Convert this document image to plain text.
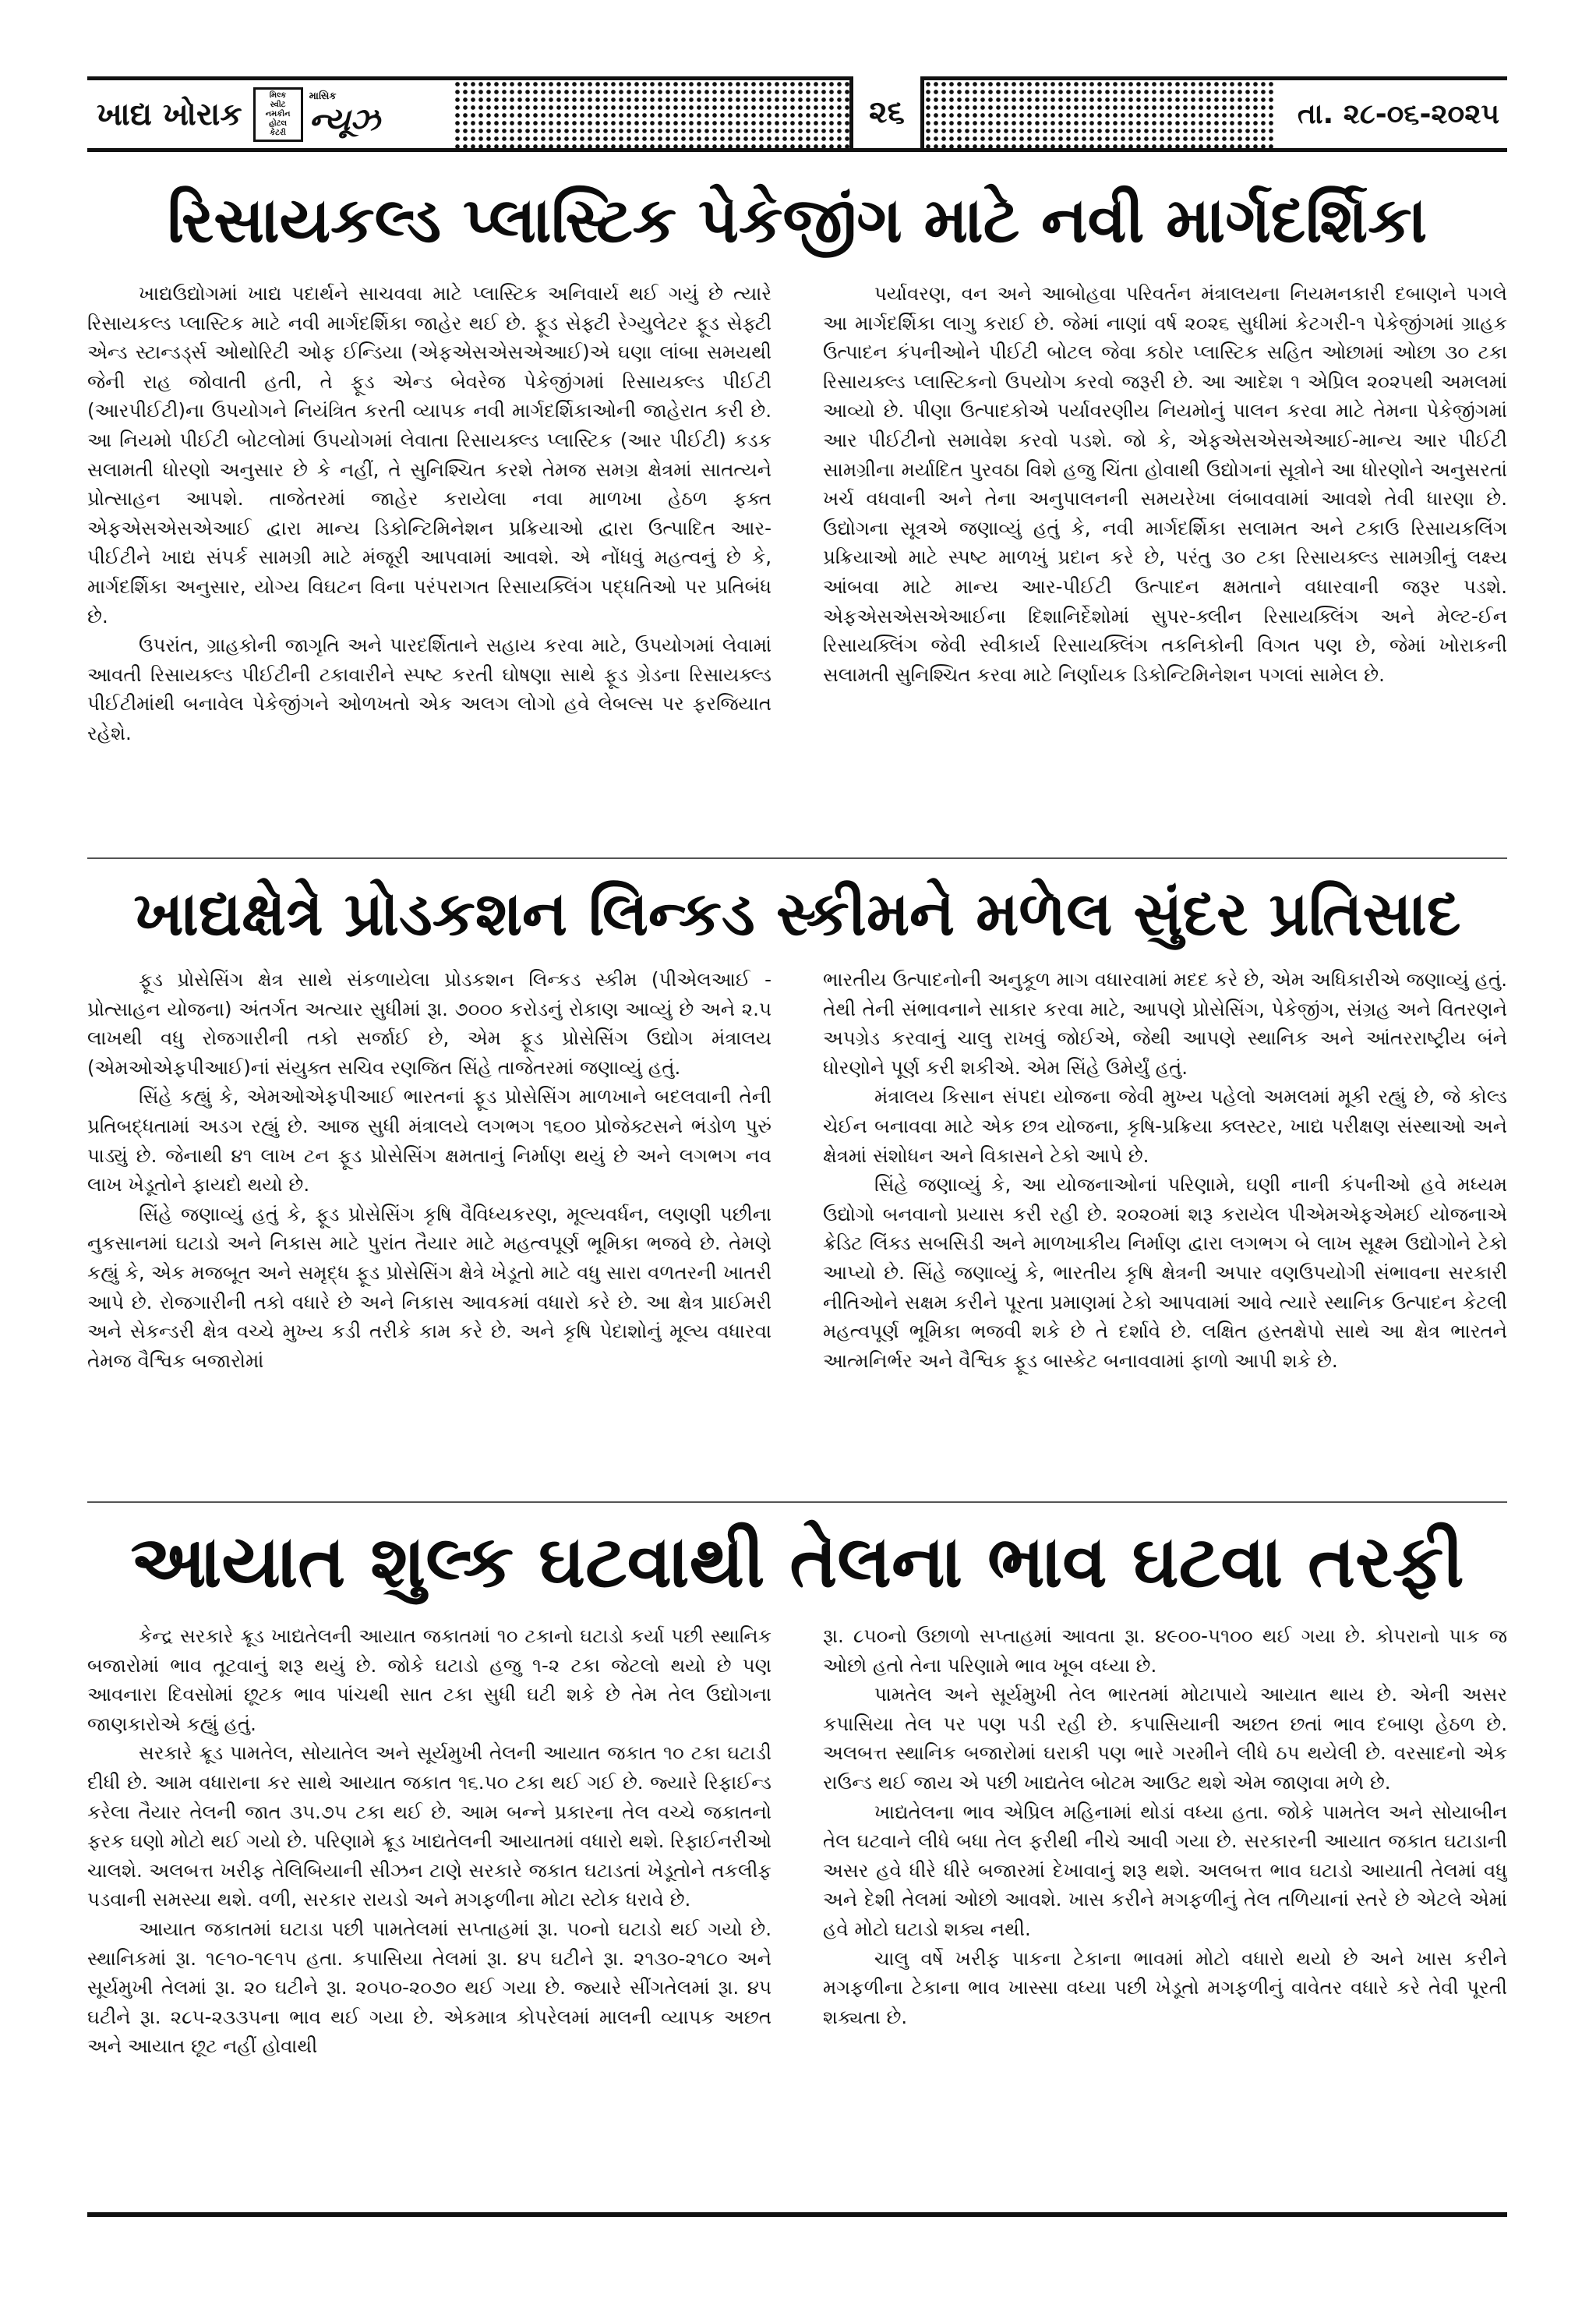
ખાદ્ય ખોરાક
મિલ્ક
સ્વીટ
નમકીન
હોટલ
કેટરી
માસિક
ન્યૂઝ	૨૬	તા. ૨૮-૦૬-૨૦૨૫
રિસાયકલ્ડ પ્લાસ્ટિક પેકેજીંગ માટે નવી માર્ગદર્શિકા

ખાદ્યઉદ્યોગમાં ખાદ્ય પદાર્થને સાચવવા માટે પ્લાસ્ટિક અનિવાર્ય થઈ ગયું છે ત્યારે રિસાયકલ્ડ પ્લાસ્ટિક માટે નવી માર્ગદર્શિકા જાહેર થઈ છે. ફૂડ સેફ્ટી રેગ્યુલેટર ફૂડ સેફ્ટી એન્ડ સ્ટાન્ડર્ડ્સ ઓથોરિટી ઓફ ઈન્ડિયા (એફએસએસએઆઈ)એ ઘણા લાંબા સમયથી જેની રાહ જોવાતી હતી, તે ફૂડ એન્ડ બેવરેજ પેકેજીંગમાં રિસાયક્લ્ડ પીઈટી (આરપીઈટી)ના ઉપયોગને નિયંત્રિત કરતી વ્યાપક નવી માર્ગદર્શિકાઓની જાહેરાત કરી છે. આ નિયમો પીઈટી બોટલોમાં ઉપયોગમાં લેવાતા રિસાયક્લ્ડ પ્લાસ્ટિક (આર પીઈટી) કડક સલામતી ધોરણો અનુસાર છે કે નહીં, તે સુનિશ્ચિત કરશે તેમજ સમગ્ર ક્ષેત્રમાં સાતત્યને પ્રોત્સાહન આપશે. તાજેતરમાં જાહેર કરાયેલા નવા માળખા હેઠળ ફક્ત એફએસએસએઆઈ દ્વારા માન્ય ડિકોન્ટિમિનેશન પ્રક્રિયાઓ દ્વારા ઉત્પાદિત આર-પીઈટીને ખાદ્ય સંપર્ક સામગ્રી માટે મંજૂરી આપવામાં આવશે. એ નોંધવું મહત્વનું છે કે, માર્ગદર્શિકા અનુસાર, યોગ્ય વિઘટન વિના પરંપરાગત રિસાયક્લિંગ પદ્ધતિઓ પર પ્રતિબંધ છે.

ઉપરાંત, ગ્રાહકોની જાગૃતિ અને પારદર્શિતાને સહાય કરવા માટે, ઉપયોગમાં લેવામાં આવતી રિસાયક્લ્ડ પીઈટીની ટકાવારીને સ્પષ્ટ કરતી ઘોષણા સાથે ફૂડ ગ્રેડના રિસાયક્લ્ડ પીઈટીમાંથી બનાવેલ પેકેજીંગને ઓળખતો એક અલગ લોગો હવે લેબલ્સ પર ફરજિયાત રહેશે.

પર્યાવરણ, વન અને આબોહવા પરિવર્તન મંત્રાલયના નિયમનકારી દબાણને પગલે આ માર્ગદર્શિકા લાગુ કરાઈ છે. જેમાં નાણાં વર્ષ ૨૦૨૬ સુધીમાં કેટગરી-૧ પેકેજીંગમાં ગ્રાહક ઉત્પાદન કંપનીઓને પીઈટી બોટલ જેવા કઠોર પ્લાસ્ટિક સહિત ઓછામાં ઓછા ૩૦ ટકા રિસાયક્લ્ડ પ્લાસ્ટિકનો ઉપયોગ કરવો જરૂરી છે. આ આદેશ ૧ એપ્રિલ ૨૦૨૫થી અમલમાં આવ્યો છે. પીણા ઉત્પાદકોએ પર્યાવરણીય નિયમોનું પાલન કરવા માટે તેમના પેકેજીંગમાં આર પીઈટીનો સમાવેશ કરવો પડશે. જો કે, એફએસએસએઆઈ-માન્ય આર પીઈટી સામગ્રીના મર્યાદિત પુરવઠા વિશે હજુ ચિંતા હોવાથી ઉદ્યોગનાં સૂત્રોને આ ધોરણોને અનુસરતાં ખર્ચ વધવાની અને તેના અનુપાલનની સમયરેખા લંબાવવામાં આવશે તેવી ધારણા છે. ઉદ્યોગના સૂત્રએ જણાવ્યું હતું કે, નવી માર્ગદર્શિકા સલામત અને ટકાઉ રિસાયકલિંગ પ્રક્રિયાઓ માટે સ્પષ્ટ માળખું પ્રદાન કરે છે, પરંતુ ૩૦ ટકા રિસાયક્લ્ડ સામગ્રીનું લક્ષ્ય આંબવા માટે માન્ય આર-પીઈટી ઉત્પાદન ક્ષમતાને વધારવાની જરૂર પડશે. એફએસએસએઆઈના દિશાનિર્દેશોમાં સુપર-ક્લીન રિસાયક્લિંગ અને મેલ્ટ-ઈન રિસાયક્લિંગ જેવી સ્વીકાર્ય રિસાયક્લિંગ તકનિકોની વિગત પણ છે, જેમાં ખોરાકની સલામતી સુનિશ્ચિત કરવા માટે નિર્ણાયક ડિકોન્ટિમિનેશન પગલાં સામેલ છે.

ખાદ્યક્ષેત્રે પ્રોડકશન લિન્કડ સ્કીમને મળેલ સુંદર પ્રતિસાદ

ફૂડ પ્રોસેસિંગ ક્ષેત્ર સાથે સંકળાયેલા પ્રોડકશન લિન્કડ સ્કીમ (પીએલઆઈ - પ્રોત્સાહન યોજના) અંતર્ગત અત્યાર સુધીમાં રૂા. ૭૦૦૦ કરોડનું રોકાણ આવ્યું છે અને ૨.૫ લાખથી વધુ રોજગારીની તકો સર્જાઈ છે, એમ ફૂડ પ્રોસેસિંગ ઉદ્યોગ મંત્રાલય (એમઓએફપીઆઈ)નાં સંયુક્ત સચિવ રણજિત સિંહે તાજેતરમાં જણાવ્યું હતું.

સિંહે કહ્યું કે, એમઓએફપીઆઈ ભારતનાં ફૂડ પ્રોસેસિંગ માળખાને બદલવાની તેની પ્રતિબદ્ધતામાં અડગ રહ્યું છે. આજ સુધી મંત્રાલયે લગભગ ૧૬૦૦ પ્રોજેક્ટસને ભંડોળ પુરું પાડ્યું છે. જેનાથી ૪૧ લાખ ટન ફૂડ પ્રોસેસિંગ ક્ષમતાનું નિર્માણ થયું છે અને લગભગ નવ લાખ ખેડૂતોને ફાયદો થયો છે.

સિંહે જણાવ્યું હતું કે, ફૂડ પ્રોસેસિંગ કૃષિ વૈવિધ્યકરણ, મૂલ્યવર્ધન, લણણી પછીના નુકસાનમાં ઘટાડો અને નિકાસ માટે પુરાંત તૈયાર માટે મહત્વપૂર્ણ ભૂમિકા ભજવે છે. તેમણે કહ્યું કે, એક મજબૂત અને સમૃદ્ધ ફૂડ પ્રોસેસિંગ ક્ષેત્રે ખેડૂતો માટે વધુ સારા વળતરની ખાતરી આપે છે. રોજગારીની તકો વધારે છે અને નિકાસ આવકમાં વધારો કરે છે. આ ક્ષેત્ર પ્રાઈમરી અને સેકન્ડરી ક્ષેત્ર વચ્ચે મુખ્ય કડી તરીકે કામ કરે છે. અને કૃષિ પેદાશોનું મૂલ્ય વધારવા તેમજ વૈશ્વિક બજારોમાં

ભારતીય ઉત્પાદનોની અનુકૂળ માગ વધારવામાં મદદ કરે છે, એમ અધિકારીએ જણાવ્યું હતું. તેથી તેની સંભાવનાને સાકાર કરવા માટે, આપણે પ્રોસેસિંગ, પેકેજીંગ, સંગ્રહ અને વિતરણને અપગ્રેડ કરવાનું ચાલુ રાખવું જોઈએ, જેથી આપણે સ્થાનિક અને આંતરરાષ્ટ્રીય બંને ધોરણોને પૂર્ણ કરી શકીએ. એમ સિંહે ઉમેર્યું હતું.

મંત્રાલય કિસાન સંપદા યોજના જેવી મુખ્ય પહેલો અમલમાં મૂકી રહ્યું છે, જે કોલ્ડ ચેઈન બનાવવા માટે એક છત્ર યોજના, કૃષિ-પ્રક્રિયા ક્લસ્ટર, ખાદ્ય પરીક્ષણ સંસ્થાઓ અને ક્ષેત્રમાં સંશોધન અને વિકાસને ટેકો આપે છે.

સિંહે જણાવ્યું કે, આ યોજનાઓનાં પરિણામે, ઘણી નાની કંપનીઓ હવે મધ્યમ ઉદ્યોગો બનવાનો પ્રયાસ કરી રહી છે. ૨૦૨૦માં શરૂ કરાયેલ પીએમએફએમઈ યોજનાએ ક્રેડિટ લિંક્ડ સબસિડી અને માળખાકીય નિર્માણ દ્વારા લગભગ બે લાખ સૂક્ષ્મ ઉદ્યોગોને ટેકો આપ્યો છે. સિંહે જણાવ્યું કે, ભારતીય કૃષિ ક્ષેત્રની અપાર વણઉપયોગી સંભાવના સરકારી નીતિઓને સક્ષમ કરીને પૂરતા પ્રમાણમાં ટેકો આપવામાં આવે ત્યારે સ્થાનિક ઉત્પાદન કેટલી મહત્વપૂર્ણ ભૂમિકા ભજવી શકે છે તે દર્શાવે છે. લક્ષિત હસ્તક્ષેપો સાથે આ ક્ષેત્ર ભારતને આત્મનિર્ભર અને વૈશ્વિક ફૂડ બાસ્કેટ બનાવવામાં ફાળો આપી શકે છે.

આયાત શુલ્ક ઘટવાથી તેલના ભાવ ઘટવા તરફી

કેન્દ્ર સરકારે ક્રૂડ ખાદ્યતેલની આયાત જકાતમાં ૧૦ ટકાનો ઘટાડો કર્યા પછી સ્થાનિક બજારોમાં ભાવ તૂટવાનું શરૂ થયું છે. જોકે ઘટાડો હજુ ૧-૨ ટકા જેટલો થયો છે પણ આવનારા દિવસોમાં છૂટક ભાવ પાંચથી સાત ટકા સુધી ઘટી શકે છે તેમ તેલ ઉદ્યોગના જાણકારોએ કહ્યું હતું.

સરકારે ક્રૂડ પામતેલ, સોયાતેલ અને સૂર્યમુખી તેલની આયાત જકાત ૧૦ ટકા ઘટાડી દીધી છે. આમ વધારાના કર સાથે આયાત જકાત ૧૬.૫૦ ટકા થઈ ગઈ છે. જ્યારે રિફાઈન્ડ કરેલા તૈયાર તેલની જાત ૩૫.૭૫ ટકા થઈ છે. આમ બન્ને પ્રકારના તેલ વચ્ચે જકાતનો ફરક ઘણો મોટો થઈ ગયો છે. પરિણામે ક્રૂડ ખાદ્યતેલની આયાતમાં વધારો થશે. રિફાઈનરીઓ ચાલશે. અલબત્ત ખરીફ તેલિબિયાની સીઝન ટાણે સરકારે જકાત ઘટાડતાં ખેડૂતોને તકલીફ પડવાની સમસ્યા થશે. વળી, સરકાર રાયડો અને મગફળીના મોટા સ્ટોક ધરાવે છે.

આયાત જકાતમાં ઘટાડા પછી પામતેલમાં સપ્તાહમાં રૂા. ૫૦નો ઘટાડો થઈ ગયો છે. સ્થાનિકમાં રૂા. ૧૯૧૦-૧૯૧૫ હતા. કપાસિયા તેલમાં રૂા. ૪૫ ઘટીને રૂા. ૨૧૩૦-૨૧૮૦ અને સૂર્યમુખી તેલમાં રૂા. ૨૦ ઘટીને રૂા. ૨૦૫૦-૨૦૭૦ થઈ ગયા છે. જ્યારે સીંગતેલમાં રૂા. ૪૫ ઘટીને રૂા. ૨૮૫-૨૩૩૫ના ભાવ થઈ ગયા છે. એકમાત્ર કોપરેલમાં માલની વ્યાપક અછત અને આયાત છૂટ નહીં હોવાથી

રૂા. ૮૫૦નો ઉછાળો સપ્તાહમાં આવતા રૂા. ૪૯૦૦-૫૧૦૦ થઈ ગયા છે. કોપરાનો પાક જ ઓછો હતો તેના પરિણામે ભાવ ખૂબ વધ્યા છે.

પામતેલ અને સૂર્યમુખી તેલ ભારતમાં મોટાપાયે આયાત થાય છે. એની અસર કપાસિયા તેલ પર પણ પડી રહી છે. કપાસિયાની અછત છતાં ભાવ દબાણ હેઠળ છે. અલબત્ત સ્થાનિક બજારોમાં ઘરાકી પણ ભારે ગરમીને લીધે ઠપ થયેલી છે. વરસાદનો એક રાઉન્ડ થઈ જાય એ પછી ખાદ્યતેલ બોટમ આઉટ થશે એમ જાણવા મળે છે.

ખાદ્યતેલના ભાવ એપ્રિલ મહિનામાં થોડાં વધ્યા હતા. જોકે પામતેલ અને સોયાબીન તેલ ઘટવાને લીધે બધા તેલ ફરીથી નીચે આવી ગયા છે. સરકારની આયાત જકાત ઘટાડાની અસર હવે ધીરે ધીરે બજારમાં દેખાવાનું શરૂ થશે. અલબત્ત ભાવ ઘટાડો આયાતી તેલમાં વધુ અને દેશી તેલમાં ઓછો આવશે. ખાસ કરીને મગફળીનું તેલ તળિયાનાં સ્તરે છે એટલે એમાં હવે મોટો ઘટાડો શક્ય નથી.

ચાલુ વર્ષે ખરીફ પાકના ટેકાના ભાવમાં મોટો વધારો થયો છે અને ખાસ કરીને મગફળીના ટેકાના ભાવ ખાસ્સા વધ્યા પછી ખેડૂતો મગફળીનું વાવેતર વધારે કરે તેવી પૂરતી શક્યતા છે.
